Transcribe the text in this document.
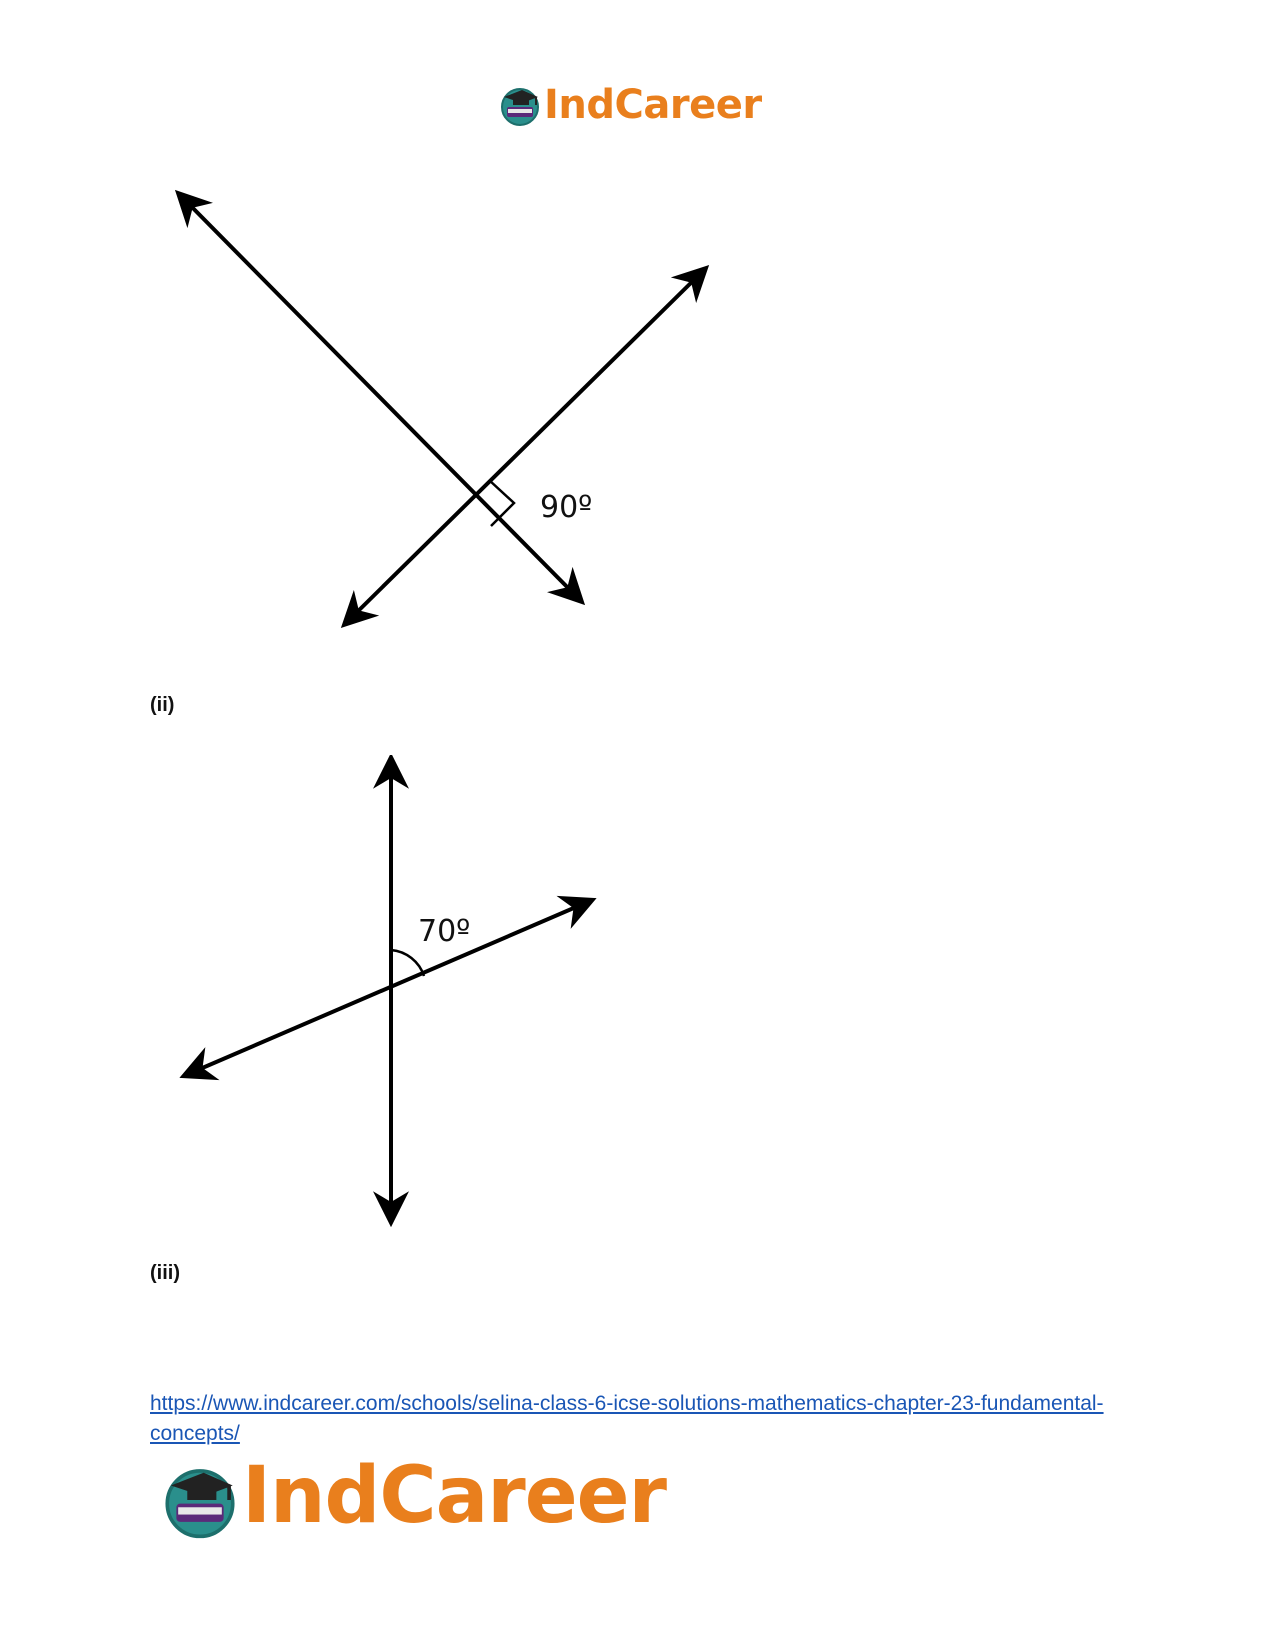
IndCareer
90º
(ii)
70º
(iii)
https://www.indcareer.com/schools/selina-class-6-icse-solutions-mathematics-chapter-23-fundamental-concepts/
IndCareer
